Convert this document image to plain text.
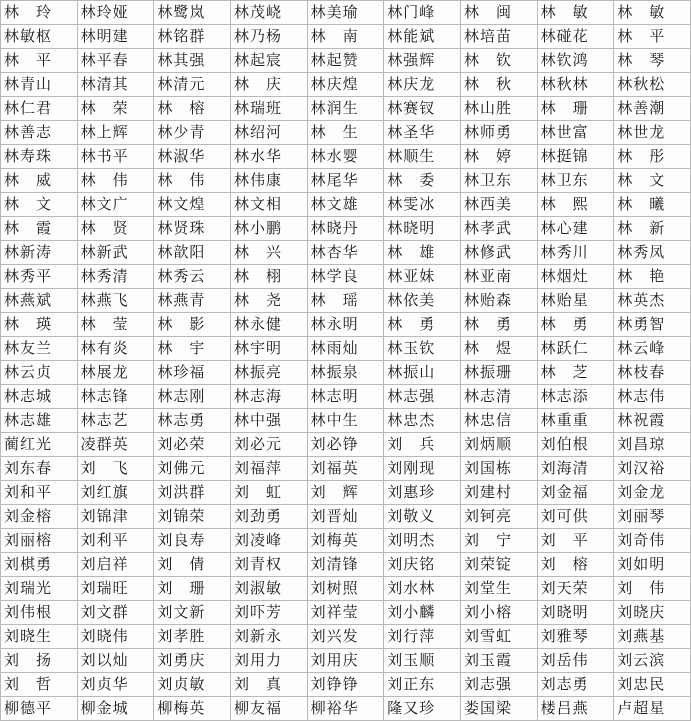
林　玲	林玲娅	林鹭岚	林茂峣	林美瑜	林门峰	林　闽	林　敏	林　敏
林敏枢	林明建	林铭群	林乃杨	林　南	林能斌	林培苗	林碰花	林　平
林　平	林平春	林其强	林起宸	林起赞	林强辉	林　钦	林钦鸿	林　琴
林青山	林清其	林清元	林　庆	林庆煌	林庆龙	林　秋	林秋林	林秋松
林仁君	林　荣	林　榕	林瑞班	林润生	林赛钗	林山胜	林　珊	林善潮
林善志	林上辉	林少青	林绍河	林　生	林圣华	林师勇	林世富	林世龙
林寿珠	林书平	林淑华	林水华	林水婴	林顺生	林　婷	林挺锦	林　彤
林　威	林　伟	林　伟	林伟康	林尾华	林　委	林卫东	林卫东	林　文
林　文	林文广	林文煌	林文相	林文雄	林雯冰	林西美	林　熙	林　曦
林　霞	林　贤	林贤珠	林小鹏	林晓丹	林晓明	林孝武	林心建	林　新
林新涛	林新武	林歆阳	林　兴	林杏华	林　雄	林修武	林秀川	林秀凤
林秀平	林秀清	林秀云	林　栩	林学良	林亚妹	林亚南	林烟灶	林　艳
林燕斌	林燕飞	林燕青	林　尧	林　瑶	林依美	林贻森	林贻星	林英杰
林　瑛	林　莹	林　影	林永健	林永明	林　勇	林　勇	林　勇	林勇智
林友兰	林有炎	林　宇	林宇明	林雨灿	林玉钦	林　煜	林跃仁	林云峰
林云贞	林展龙	林珍福	林振亮	林振泉	林振山	林振珊	林　芝	林枝春
林志城	林志锋	林志刚	林志海	林志明	林志强	林志清	林志添	林志伟
林志雄	林志艺	林志勇	林中强	林中生	林忠杰	林忠信	林重重	林祝霞
蔺红光	凌群英	刘必荣	刘必元	刘必铮	刘　兵	刘炳顺	刘伯根	刘昌琼
刘东春	刘　飞	刘佛元	刘福萍	刘福英	刘刚现	刘国栋	刘海清	刘汉裕
刘和平	刘红旗	刘洪群	刘　虹	刘　辉	刘惠珍	刘建村	刘金福	刘金龙
刘金榕	刘锦津	刘锦荣	刘劲勇	刘晋灿	刘敬义	刘钶亮	刘可供	刘丽琴
刘丽榕	刘利平	刘良寿	刘凌峰	刘梅英	刘明杰	刘　宁	刘　平	刘奇伟
刘棋勇	刘启祥	刘　倩	刘青权	刘清锋	刘庆铭	刘荣锭	刘　榕	刘如明
刘瑞光	刘瑞旺	刘　珊	刘淑敏	刘树照	刘水林	刘堂生	刘天荣	刘　伟
刘伟根	刘文群	刘文新	刘吓芳	刘祥莹	刘小麟	刘小榕	刘晓明	刘晓庆
刘晓生	刘晓伟	刘孝胜	刘新永	刘兴发	刘行萍	刘雪虹	刘雅琴	刘燕基
刘　扬	刘以灿	刘勇庆	刘用力	刘用庆	刘玉顺	刘玉霞	刘岳伟	刘云滨
刘　哲	刘贞华	刘贞敏	刘　真	刘铮铮	刘正东	刘志强	刘志勇	刘忠民
柳德平	柳金城	柳梅英	柳友福	柳裕华	隆又珍	娄国梁	楼吕燕	卢超星
